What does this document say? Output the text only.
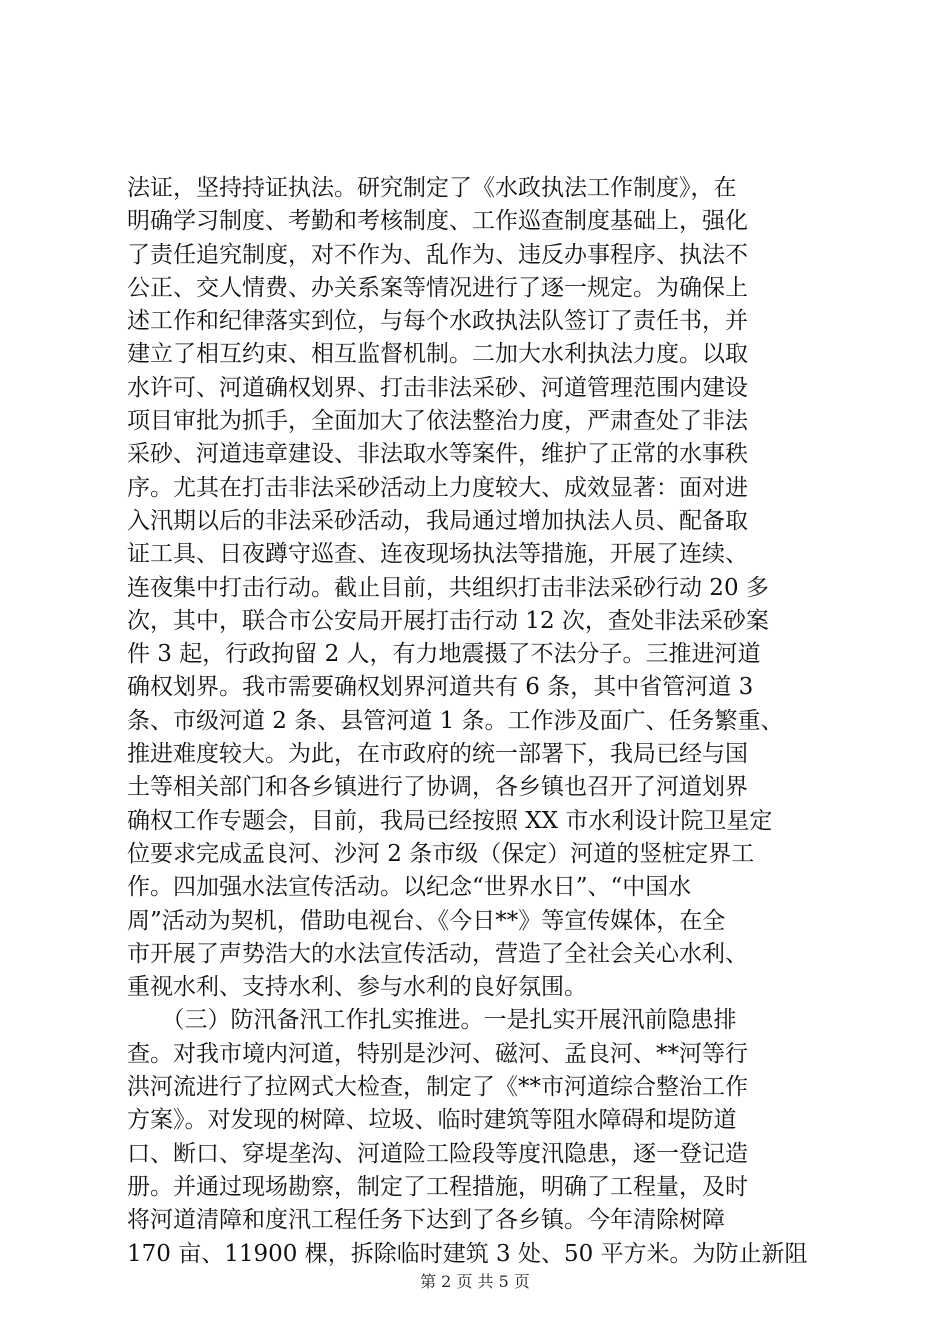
法证，坚持持证执法。研究制定了《水政执法工作制度》，在
明确学习制度、考勤和考核制度、工作巡查制度基础上，强化
了责任追究制度，对不作为、乱作为、违反办事程序、执法不
公正、交人情费、办关系案等情况进行了逐一规定。为确保上
述工作和纪律落实到位，与每个水政执法队签订了责任书，并
建立了相互约束、相互监督机制。二加大水利执法力度。以取
水许可、河道确权划界、打击非法采砂、河道管理范围内建设
项目审批为抓手，全面加大了依法整治力度，严肃查处了非法
采砂、河道违章建设、非法取水等案件，维护了正常的水事秩
序。尤其在打击非法采砂活动上力度较大、成效显著：面对进
入汛期以后的非法采砂活动，我局通过增加执法人员、配备取
证工具、日夜蹲守巡查、连夜现场执法等措施，开展了连续、
连夜集中打击行动。截止目前，共组织打击非法采砂行动 20 多
次，其中，联合市公安局开展打击行动 12 次，查处非法采砂案
件 3 起，行政拘留 2 人，有力地震摄了不法分子。三推进河道
确权划界。我市需要确权划界河道共有 6 条，其中省管河道 3
条、市级河道 2 条、县管河道 1 条。工作涉及面广、任务繁重、
推进难度较大。为此，在市政府的统一部署下，我局已经与国
土等相关部门和各乡镇进行了协调，各乡镇也召开了河道划界
确权工作专题会，目前，我局已经按照 XX 市水利设计院卫星定
位要求完成孟良河、沙河 2 条市级（保定）河道的竖桩定界工
作。四加强水法宣传活动。以纪念“世界水日”、“中国水
周”活动为契机，借助电视台、《今日**》等宣传媒体，在全
市开展了声势浩大的水法宣传活动，营造了全社会关心水利、
重视水利、支持水利、参与水利的良好氛围。
　　（三）防汛备汛工作扎实推进。一是扎实开展汛前隐患排
查。对我市境内河道，特别是沙河、磁河、孟良河、**河等行
洪河流进行了拉网式大检查，制定了《**市河道综合整治工作
方案》。对发现的树障、垃圾、临时建筑等阻水障碍和堤防道
口、断口、穿堤垄沟、河道险工险段等度汛隐患，逐一登记造
册。并通过现场勘察，制定了工程措施，明确了工程量，及时
将河道清障和度汛工程任务下达到了各乡镇。今年清除树障
170 亩、11900 棵，拆除临时建筑 3 处、50 平方米。为防止新阻
第 2 页 共 5 页
